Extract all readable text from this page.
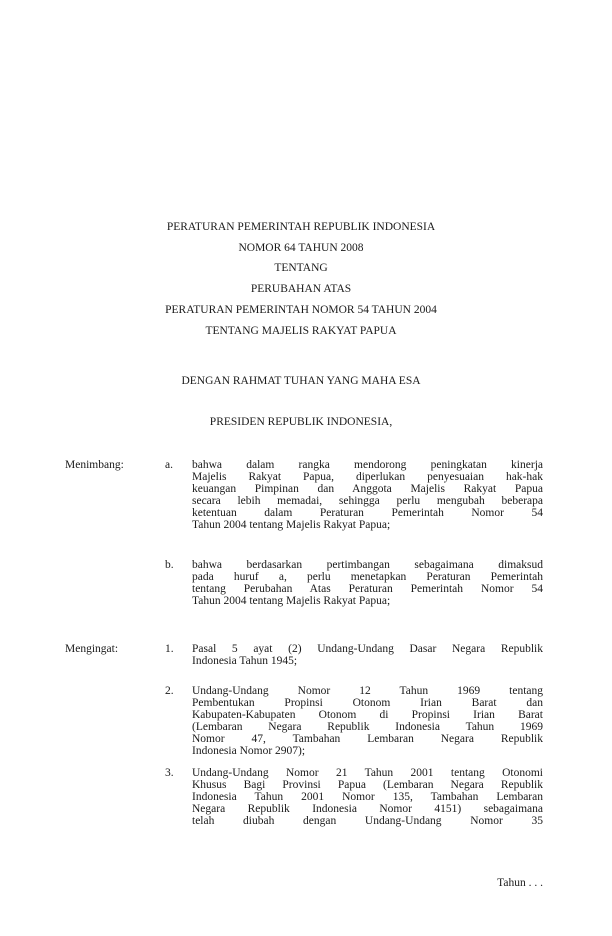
PERATURAN PEMERINTAH REPUBLIK INDONESIA
NOMOR 64 TAHUN 2008
TENTANG
PERUBAHAN ATAS
PERATURAN PEMERINTAH NOMOR 54 TAHUN 2004
TENTANG MAJELIS RAKYAT PAPUA
DENGAN RAHMAT TUHAN YANG MAHA ESA
PRESIDEN REPUBLIK INDONESIA,
Menimbang:	a. bahwa dalam rangka mendorong peningkatan kinerja
Majelis Rakyat Papua, diperlukan penyesuaian hak-hak
keuangan Pimpinan dan Anggota Majelis Rakyat Papua
secara lebih memadai, sehingga perlu mengubah beberapa
ketentuan dalam Peraturan Pemerintah Nomor 54
Tahun 2004 tentang Majelis Rakyat Papua;
b. bahwa berdasarkan pertimbangan sebagaimana dimaksud
pada huruf a, perlu menetapkan Peraturan Pemerintah
tentang Perubahan Atas Peraturan Pemerintah Nomor 54
Tahun 2004 tentang Majelis Rakyat Papua;
Mengingat:	1. Pasal 5 ayat (2) Undang-Undang Dasar Negara Republik
Indonesia Tahun 1945;
2. Undang-Undang Nomor 12 Tahun 1969 tentang
Pembentukan Propinsi Otonom Irian Barat dan
Kabupaten-Kabupaten Otonom di Propinsi Irian Barat
(Lembaran Negara Republik Indonesia Tahun 1969
Nomor 47, Tambahan Lembaran Negara Republik
Indonesia Nomor 2907);
3. Undang-Undang Nomor 21 Tahun 2001 tentang Otonomi
Khusus Bagi Provinsi Papua (Lembaran Negara Republik
Indonesia Tahun 2001 Nomor 135, Tambahan Lembaran
Negara Republik Indonesia Nomor 4151) sebagaimana
telah diubah dengan Undang-Undang Nomor 35
Tahun . . .
